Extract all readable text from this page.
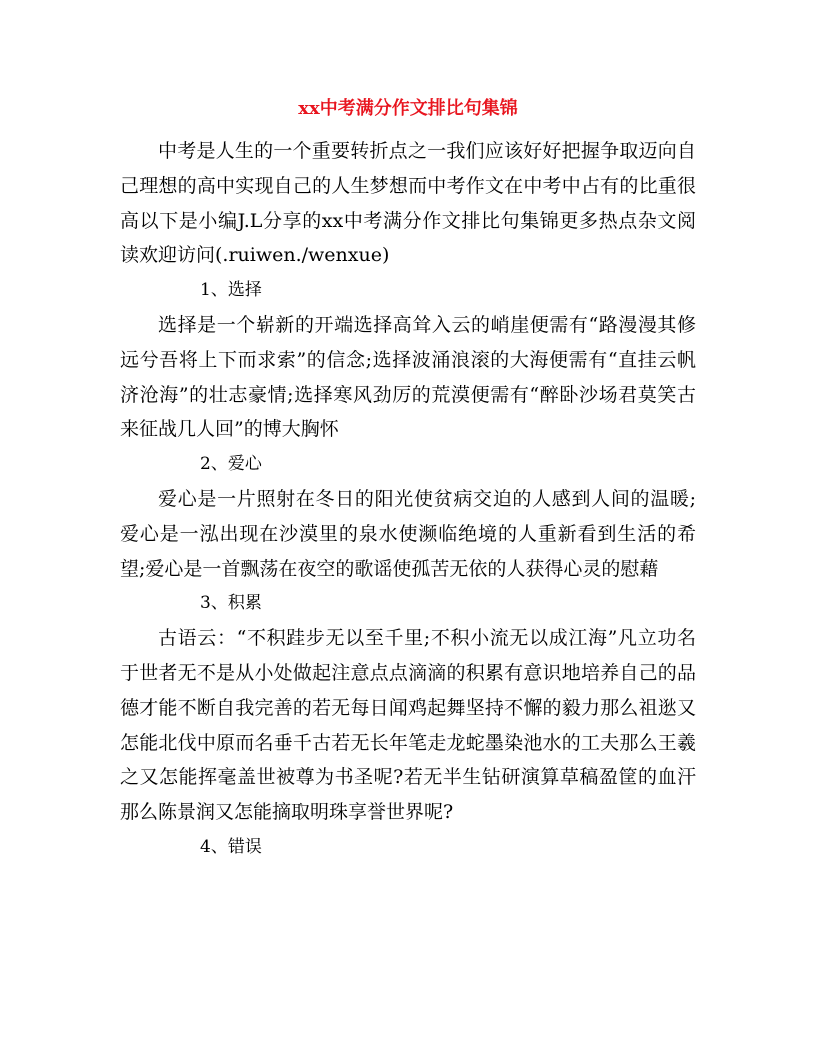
xx中考满分作文排比句集锦

中考是人生的一个重要转折点之一我们应该好好把握争取迈向自己理想的高中实现自己的人生梦想而中考作文在中考中占有的比重很高以下是小编J.L分享的xx中考满分作文排比句集锦更多热点杂文阅读欢迎访问(.ruiwen./wenxue)

1、选择

选择是一个崭新的开端选择高耸入云的峭崖便需有“路漫漫其修远兮吾将上下而求索”的信念;选择波涌浪滚的大海便需有“直挂云帆济沧海”的壮志豪情;选择寒风劲厉的荒漠便需有“醉卧沙场君莫笑古来征战几人回”的博大胸怀

2、爱心

爱心是一片照射在冬日的阳光使贫病交迫的人感到人间的温暖;爱心是一泓出现在沙漠里的泉水使濒临绝境的人重新看到生活的希望;爱心是一首飘荡在夜空的歌谣使孤苦无依的人获得心灵的慰藉

3、积累

古语云：“不积跬步无以至千里;不积小流无以成江海”凡立功名于世者无不是从小处做起注意点点滴滴的积累有意识地培养自己的品德才能不断自我完善的若无每日闻鸡起舞坚持不懈的毅力那么祖逖又怎能北伐中原而名垂千古若无长年笔走龙蛇墨染池水的工夫那么王羲之又怎能挥毫盖世被尊为书圣呢?若无半生钻研演算草稿盈筐的血汗那么陈景润又怎能摘取明珠享誉世界呢?

4、错误
